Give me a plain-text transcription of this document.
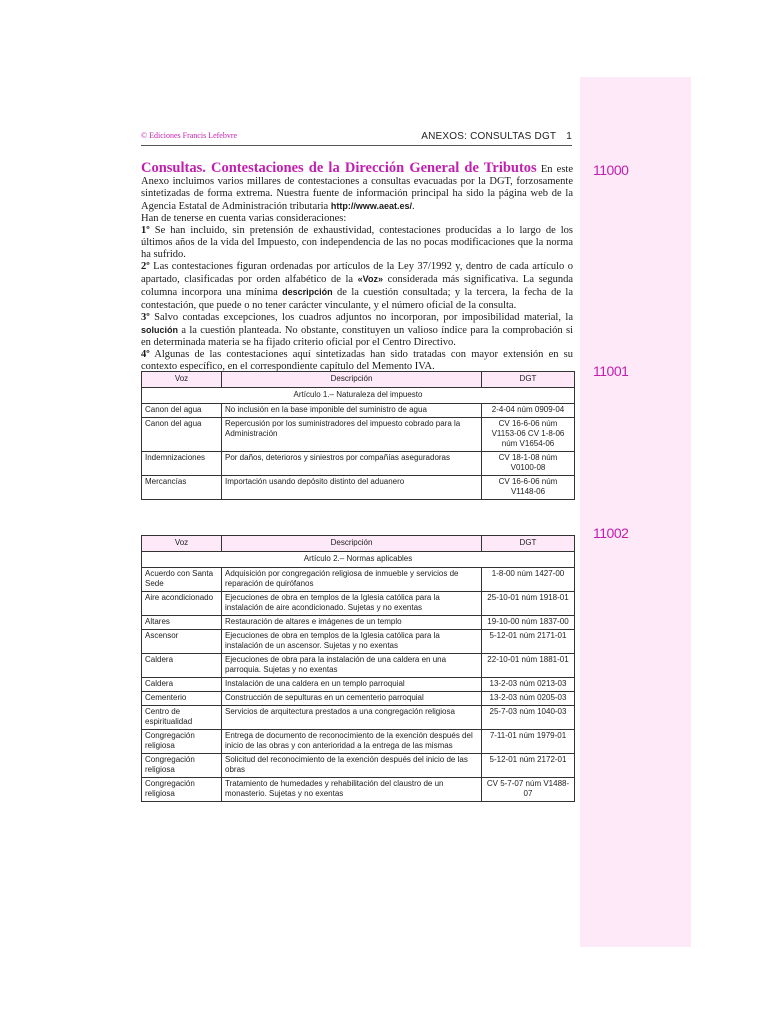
© Ediciones Francis Lefebvre	ANEXOS: CONSULTAS DGT 1
11000
11001
11002

Consultas. Contestaciones de la Dirección General de Tributos En este Anexo incluimos varios millares de contestaciones a consultas evacuadas por la DGT, forzosamente sintetizadas de forma extrema. Nuestra fuente de información principal ha sido la página web de la Agencia Estatal de Administración tributaria http://www.aeat.es/.

Han de tenerse en cuenta varias consideraciones:

1º Se han incluido, sin pretensión de exhaustividad, contestaciones producidas a lo largo de los últimos años de la vida del Impuesto, con independencia de las no pocas modificaciones que la norma ha sufrido.

2º Las contestaciones figuran ordenadas por artículos de la Ley 37/1992 y, dentro de cada artículo o apartado, clasificadas por orden alfabético de la «Voz» considerada más significativa. La segunda columna incorpora una mínima descripción de la cuestión consultada; y la tercera, la fecha de la contestación, que puede o no tener carácter vinculante, y el número oficial de la consulta.

3º Salvo contadas excepciones, los cuadros adjuntos no incorporan, por imposibilidad material, la solución a la cuestión planteada. No obstante, constituyen un valioso índice para la comprobación si en determinada materia se ha fijado criterio oficial por el Centro Directivo.

4º Algunas de las contestaciones aquí sintetizadas han sido tratadas con mayor extensión en su contexto específico, en el correspondiente capítulo del Memento IVA.

Voz	Descripción	DGT
Artículo 1.– Naturaleza del impuesto		
Canon del agua	No inclusión en la base imponible del suministro de agua	2-4-04 núm 0909-04
Canon del agua	Repercusión por los suministradores del impuesto cobrado para la Administración	CV 16-6-06 núm V1153-06 CV 1-8-06 núm V1654-06
Indemnizaciones	Por daños, deterioros y siniestros por compañías aseguradoras	CV 18-1-08 núm V0100-08
Mercancías	Importación usando depósito distinto del aduanero	CV 16-6-06 núm V1148-06
Voz	Descripción	DGT
Artículo 2.– Normas aplicables		
Acuerdo con Santa Sede	Adquisición por congregación religiosa de inmueble y servicios de reparación de quirófanos	1-8-00 núm 1427-00
Aire acondicionado	Ejecuciones de obra en templos de la Iglesia católica para la instalación de aire acondicionado. Sujetas y no exentas	25-10-01 núm 1918-01
Altares	Restauración de altares e imágenes de un templo	19-10-00 núm 1837-00
Ascensor	Ejecuciones de obra en templos de la Iglesia católica para la instalación de un ascensor. Sujetas y no exentas	5-12-01 núm 2171-01
Caldera	Ejecuciones de obra para la instalación de una caldera en una parroquia. Sujetas y no exentas	22-10-01 núm 1881-01
Caldera	Instalación de una caldera en un templo parroquial	13-2-03 núm 0213-03
Cementerio	Construcción de sepulturas en un cementerio parroquial	13-2-03 núm 0205-03
Centro de espiritualidad	Servicios de arquitectura prestados a una congregación religiosa	25-7-03 núm 1040-03
Congregación religiosa	Entrega de documento de reconocimiento de la exención después del inicio de las obras y con anterioridad a la entrega de las mismas	7-11-01 núm 1979-01
Congregación religiosa	Solicitud del reconocimiento de la exención después del inicio de las obras	5-12-01 núm 2172-01
Congregación religiosa	Tratamiento de humedades y rehabilitación del claustro de un monasterio. Sujetas y no exentas	CV 5-7-07 núm V1488-07
